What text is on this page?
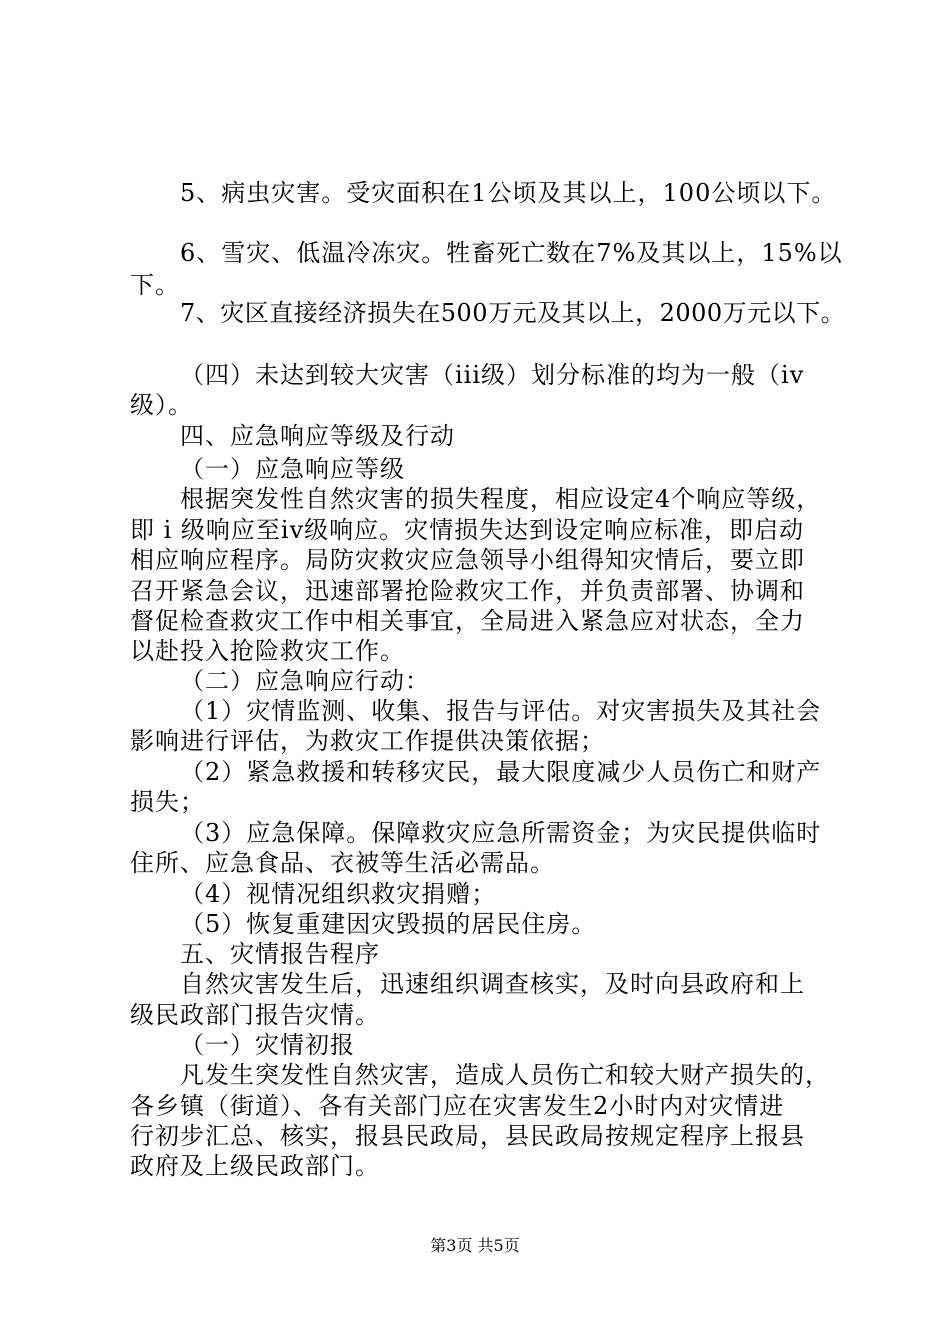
5、病虫灾害。受灾面积在1公顷及其以上，100公顷以下。
6、雪灾、低温冷冻灾。牲畜死亡数在7%及其以上，15%以
下。
7、灾区直接经济损失在500万元及其以上，2000万元以下。
（四）未达到较大灾害（iii级）划分标准的均为一般（iv
级）。
四、应急响应等级及行动
（一）应急响应等级
根据突发性自然灾害的损失程度，相应设定4个响应等级，
即 i 级响应至iv级响应。灾情损失达到设定响应标准，即启动
相应响应程序。局防灾救灾应急领导小组得知灾情后，要立即
召开紧急会议，迅速部署抢险救灾工作，并负责部署、协调和
督促检查救灾工作中相关事宜，全局进入紧急应对状态，全力
以赴投入抢险救灾工作。
（二）应急响应行动：
（1）灾情监测、收集、报告与评估。对灾害损失及其社会
影响进行评估，为救灾工作提供决策依据；
（2）紧急救援和转移灾民，最大限度减少人员伤亡和财产
损失；
（3）应急保障。保障救灾应急所需资金；为灾民提供临时
住所、应急食品、衣被等生活必需品。
（4）视情况组织救灾捐赠；
（5）恢复重建因灾毁损的居民住房。
五、灾情报告程序
自然灾害发生后，迅速组织调查核实，及时向县政府和上
级民政部门报告灾情。
（一）灾情初报
凡发生突发性自然灾害，造成人员伤亡和较大财产损失的，
各乡镇（街道）、各有关部门应在灾害发生2小时内对灾情进
行初步汇总、核实，报县民政局，县民政局按规定程序上报县
政府及上级民政部门。
第3页 共5页
